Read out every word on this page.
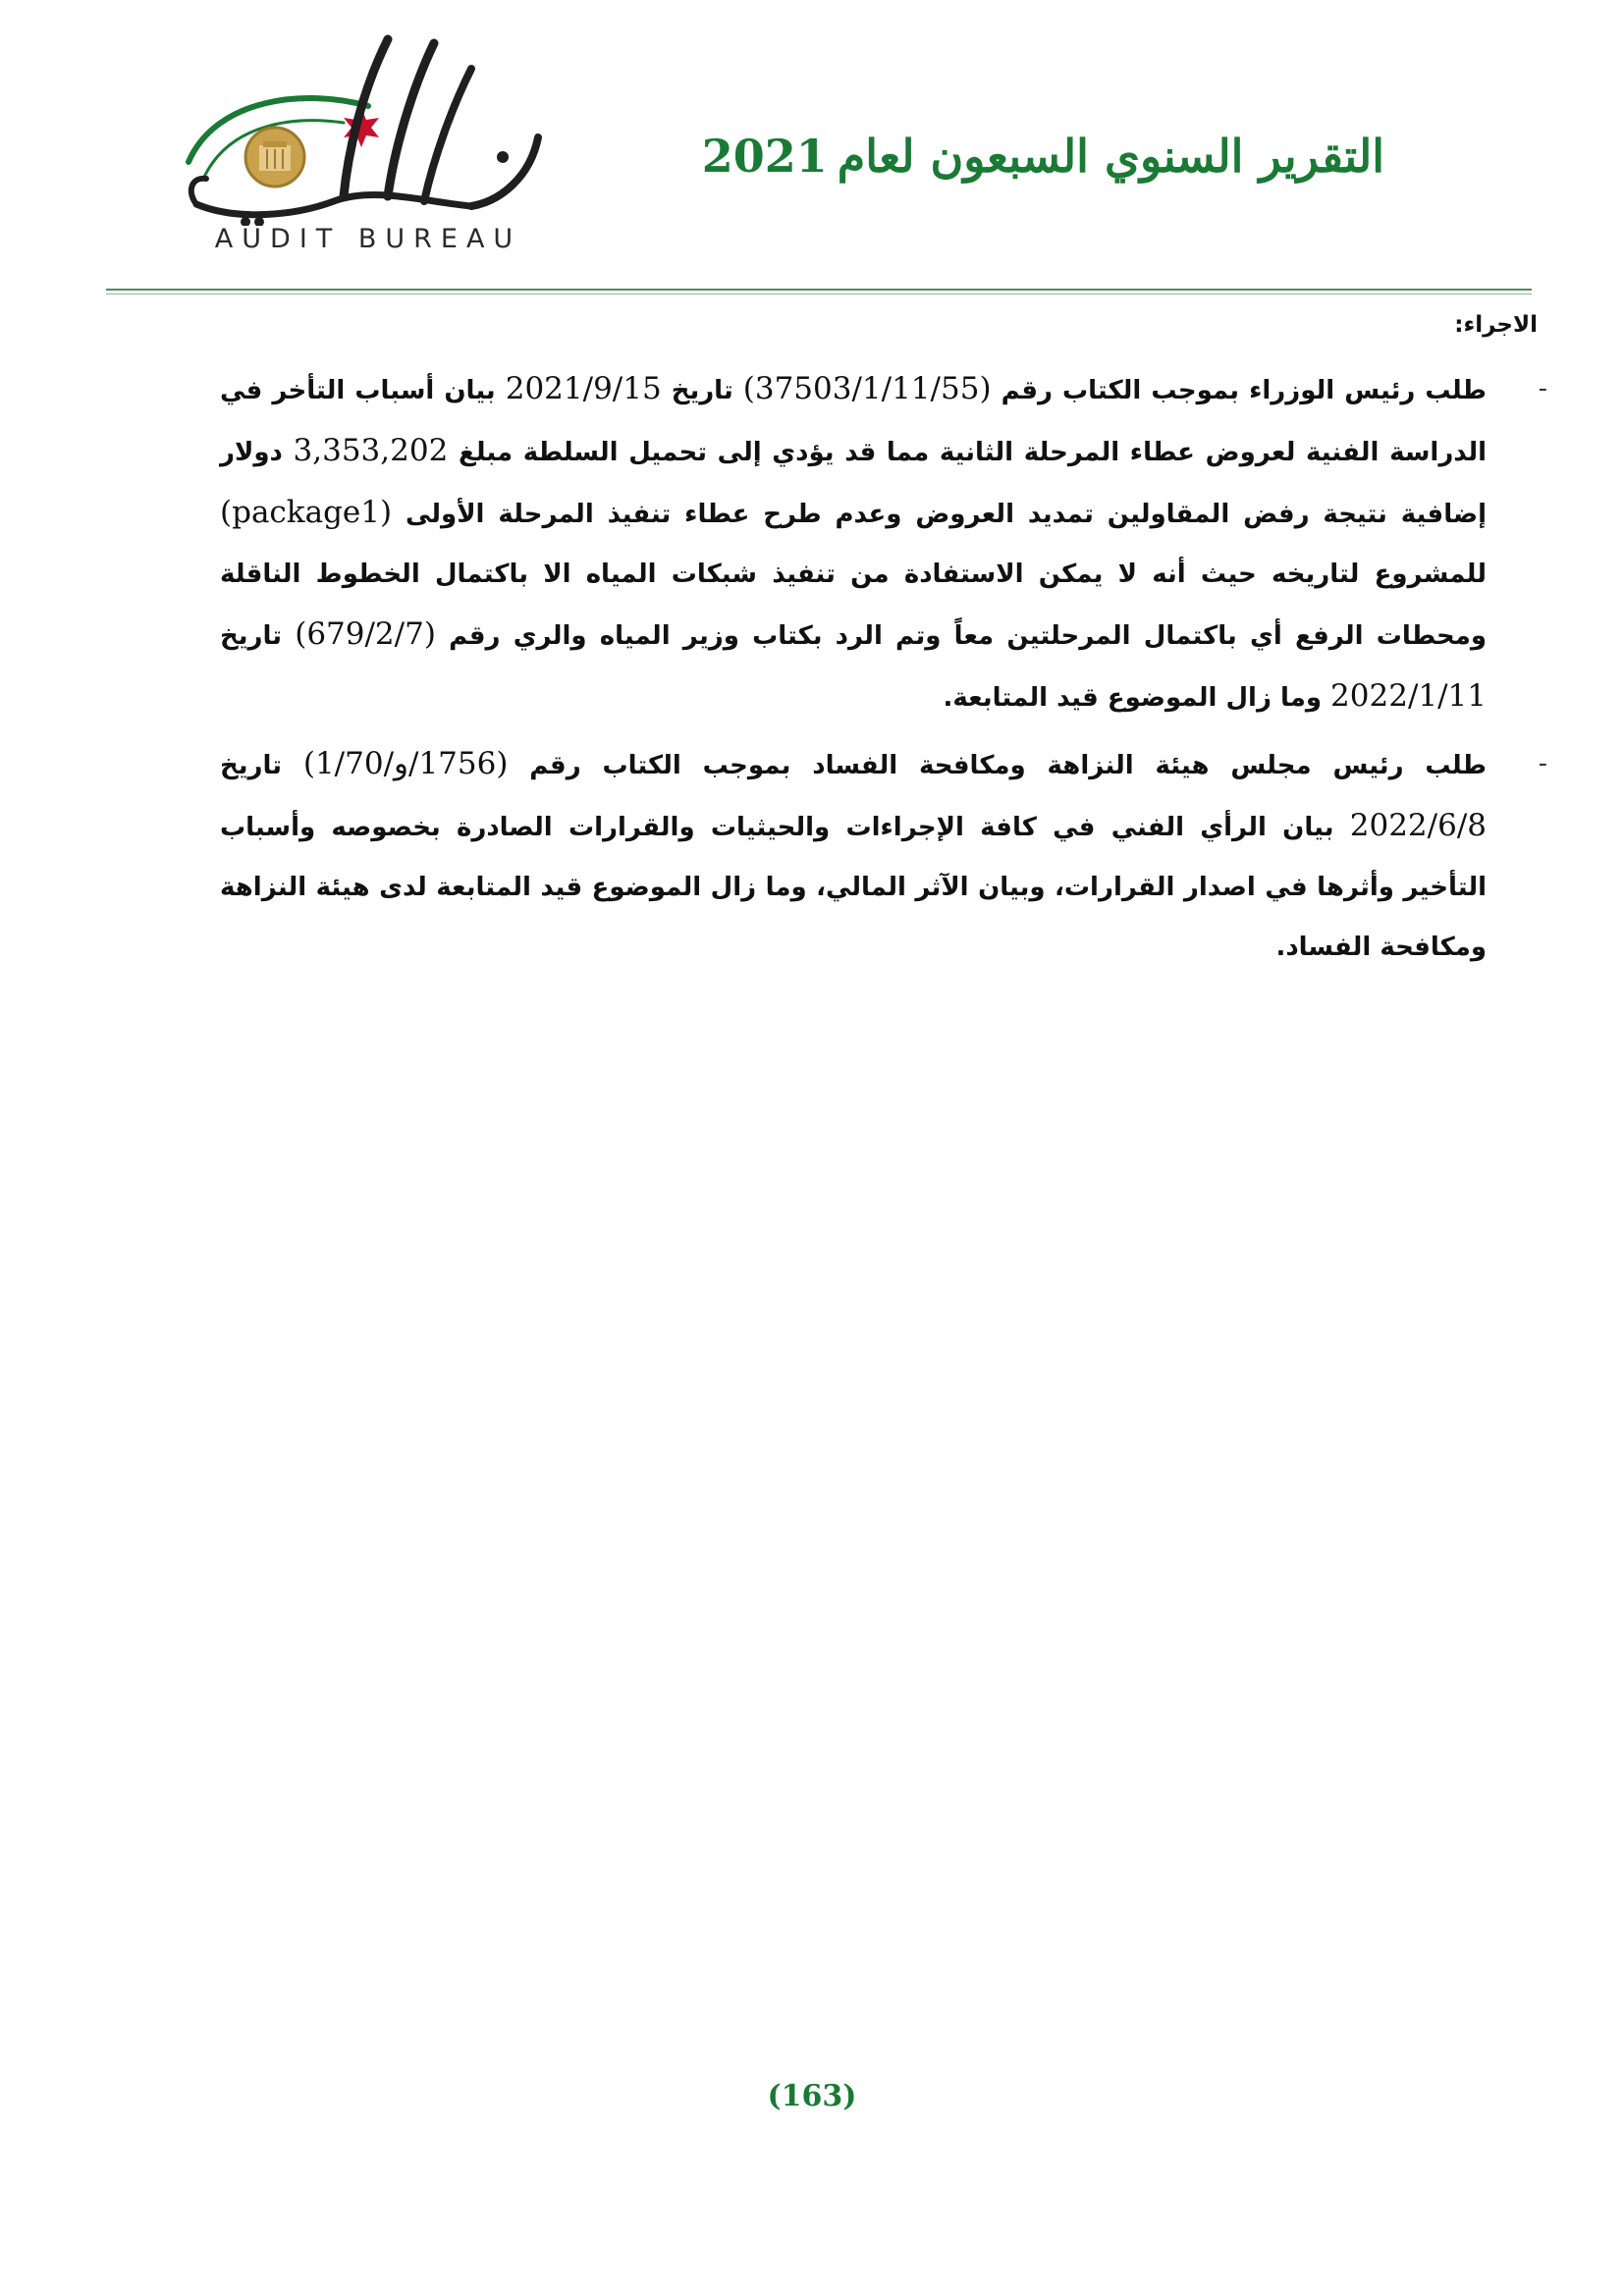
AUDIT BUREAU
التقرير السنوي السبعون لعام2021
الاجراء:
-
طلب رئيس الوزراء بموجب الكتاب رقم (37503/1/11/55) تاريخ 2021/9/15 بيان أسباب التأخر في الدراسة الفنية لعروض عطاء المرحلة الثانية مما قد يؤدي إلى تحميل السلطة مبلغ 3,353,202 دولار إضافية نتيجة رفض المقاولين تمديد العروض وعدم طرح عطاء تنفيذ المرحلة الأولى (package1) للمشروع لتاريخه حيث أنه لا يمكن الاستفادة من تنفيذ شبكات المياه الا باكتمال الخطوط الناقلة ومحطات الرفع أي باكتمال المرحلتين معاً وتم الرد بكتاب وزير المياه والري رقم (679/2/7) تاريخ 2022/1/11 وما زال الموضوع قيد المتابعة.
-
طلب رئيس مجلس هيئة النزاهة ومكافحة الفساد بموجب الكتاب رقم (1756/و/1/70) تاريخ 2022/6/8 بيان الرأي الفني في كافة الإجراءات والحيثيات والقرارات الصادرة بخصوصه وأسباب التأخير وأثرها في اصدار القرارات، وبيان الآثر المالي، وما زال الموضوع قيد المتابعة لدى هيئة النزاهة ومكافحة الفساد.
(163)
